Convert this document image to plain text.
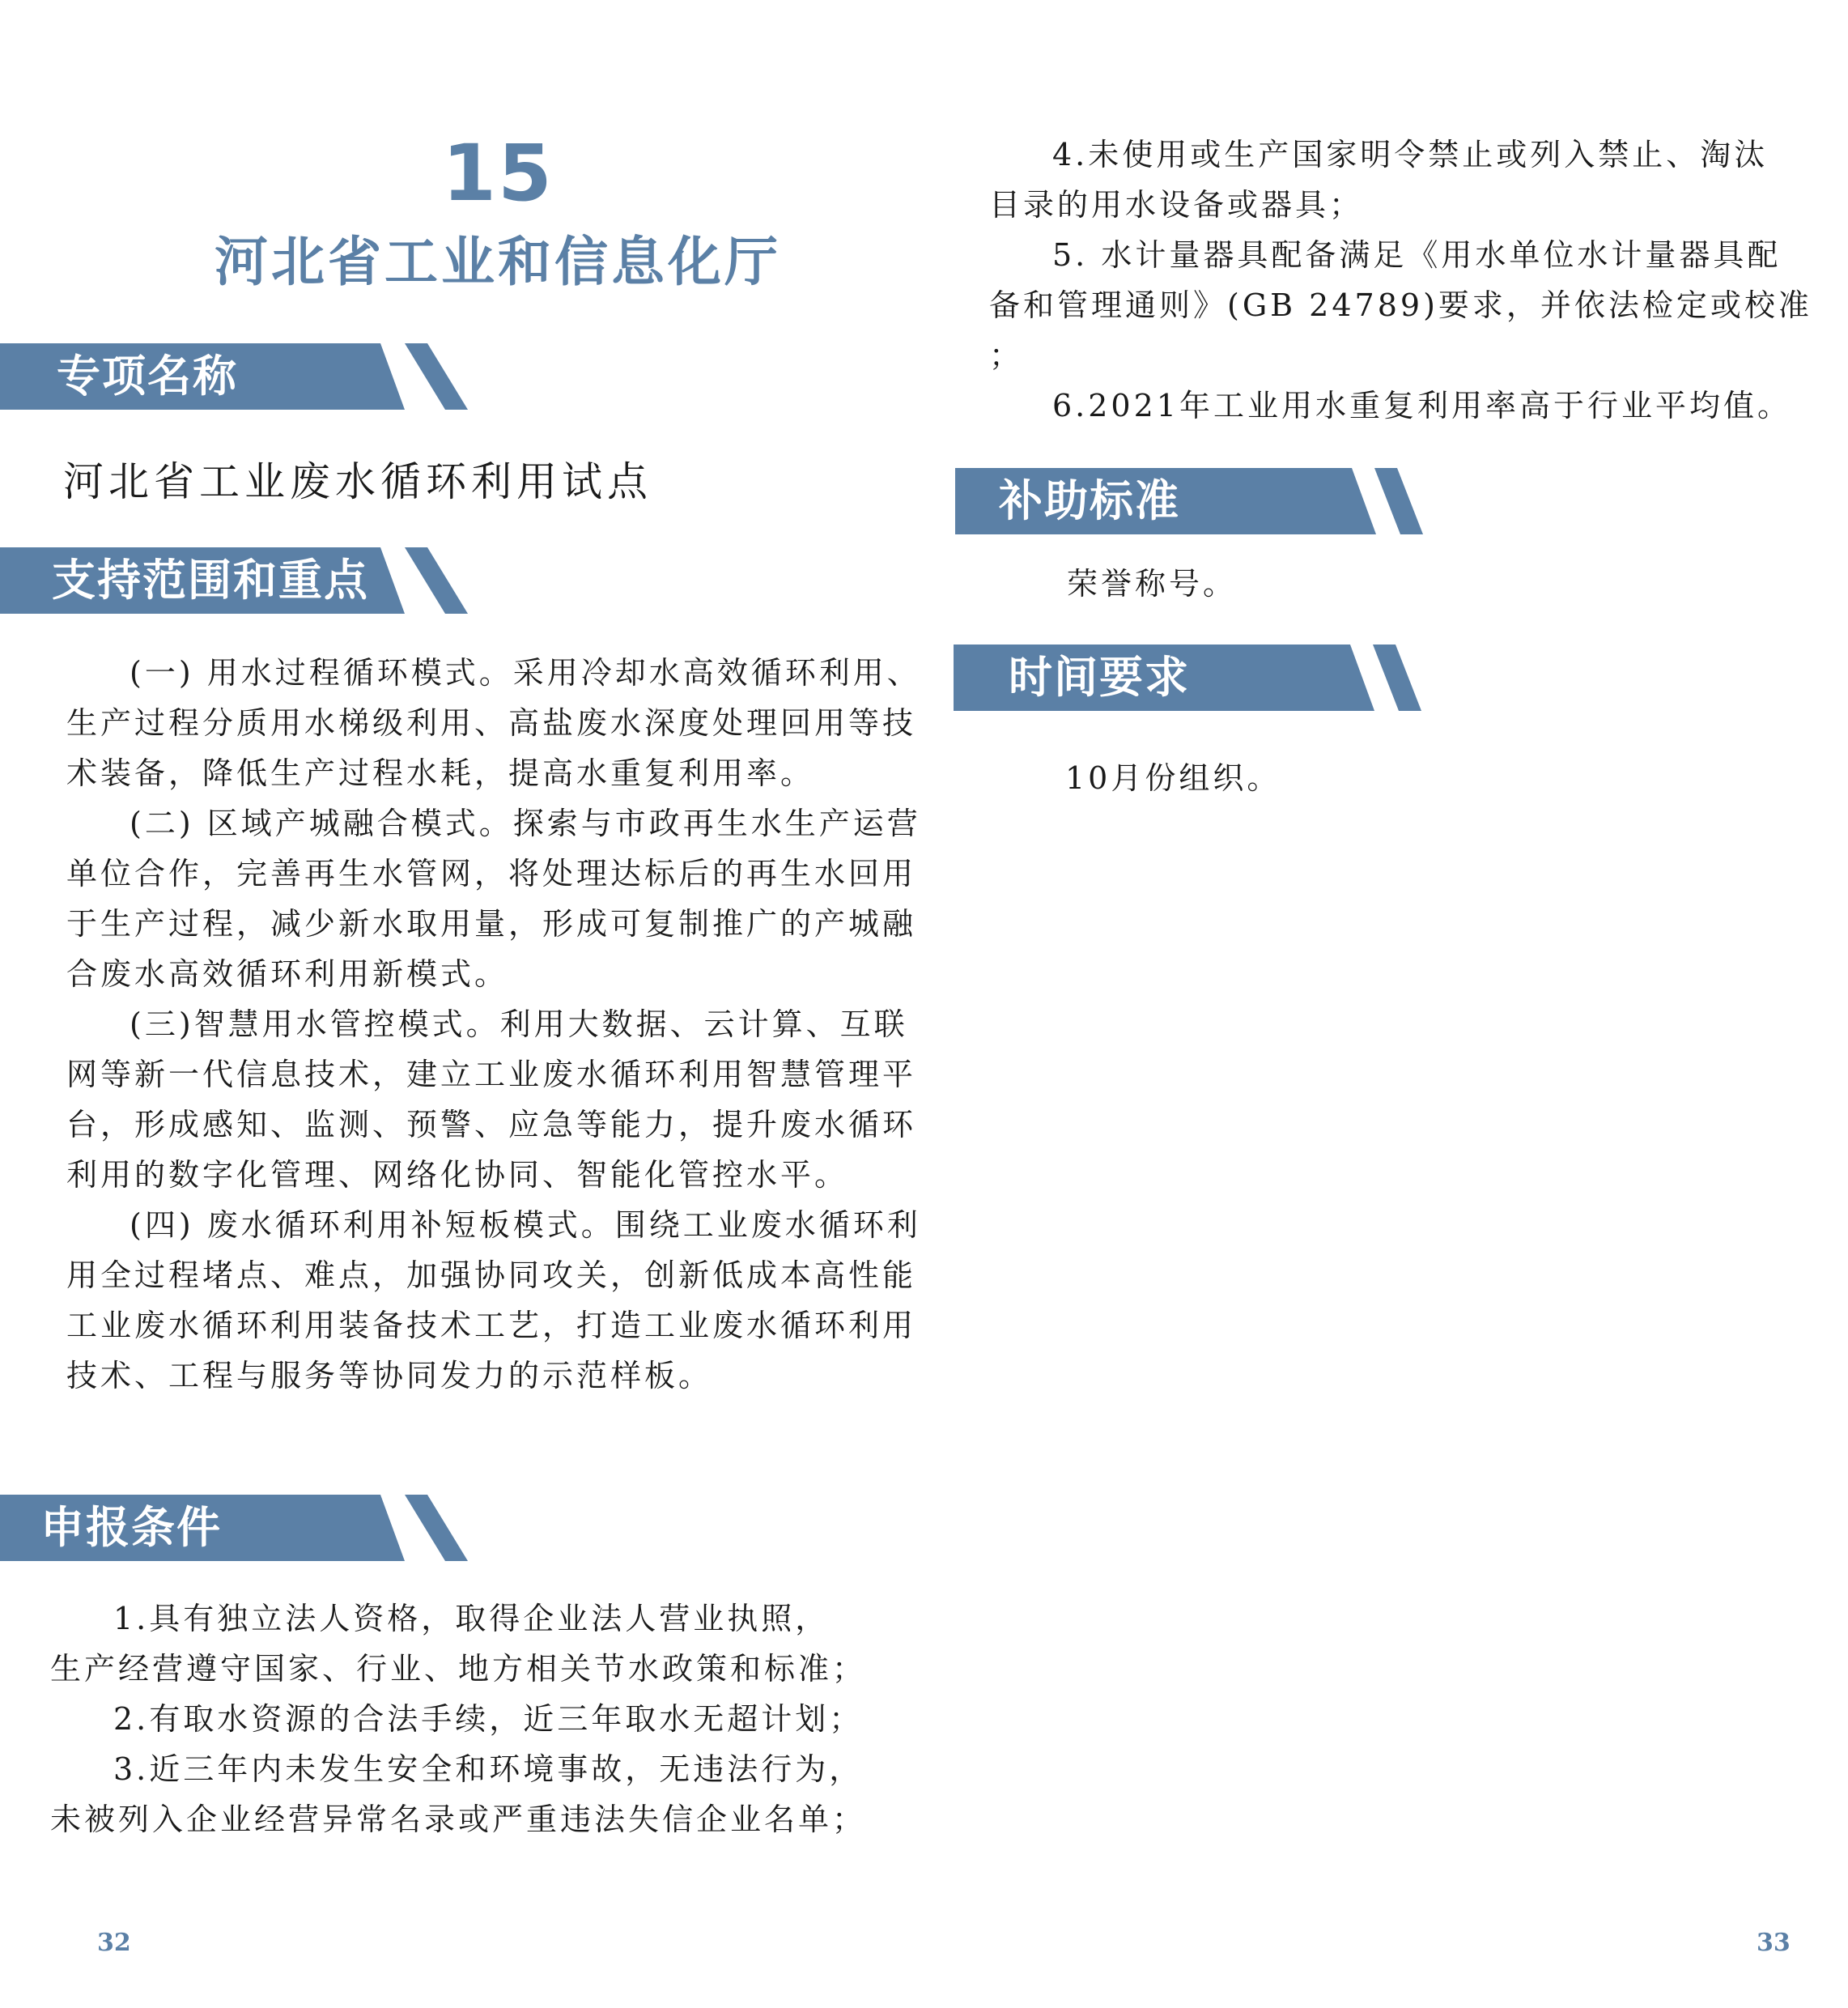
15
河北省工业和信息化厅
专项名称
河北省工业废水循环利用试点
支持范围和重点

(一) 用水过程循环模式。采用冷却水高效循环利用、

生产过程分质用水梯级利用、高盐废水深度处理回用等技

术装备，降低生产过程水耗，提高水重复利用率。

(二) 区域产城融合模式。探索与市政再生水生产运营

单位合作，完善再生水管网，将处理达标后的再生水回用

于生产过程，减少新水取用量，形成可复制推广的产城融

合废水高效循环利用新模式。

(三)智慧用水管控模式。利用大数据、云计算、互联

网等新一代信息技术，建立工业废水循环利用智慧管理平

台，形成感知、监测、预警、应急等能力，提升废水循环

利用的数字化管理、网络化协同、智能化管控水平。

(四) 废水循环利用补短板模式。围绕工业废水循环利

用全过程堵点、难点，加强协同攻关，创新低成本高性能

工业废水循环利用装备技术工艺，打造工业废水循环利用

技术、工程与服务等协同发力的示范样板。

申报条件

1.具有独立法人资格，取得企业法人营业执照，

生产经营遵守国家、行业、地方相关节水政策和标准；

2.有取水资源的合法手续，近三年取水无超计划；

3.近三年内未发生安全和环境事故，无违法行为，

未被列入企业经营异常名录或严重违法失信企业名单；

32

4.未使用或生产国家明令禁止或列入禁止、淘汰

目录的用水设备或器具；

5. 水计量器具配备满足《用水单位水计量器具配

备和管理通则》(GB 24789)要求，并依法检定或校准

；

6.2021年工业用水重复利用率高于行业平均值。

补助标准

荣誉称号。

时间要求

10月份组织。

33
